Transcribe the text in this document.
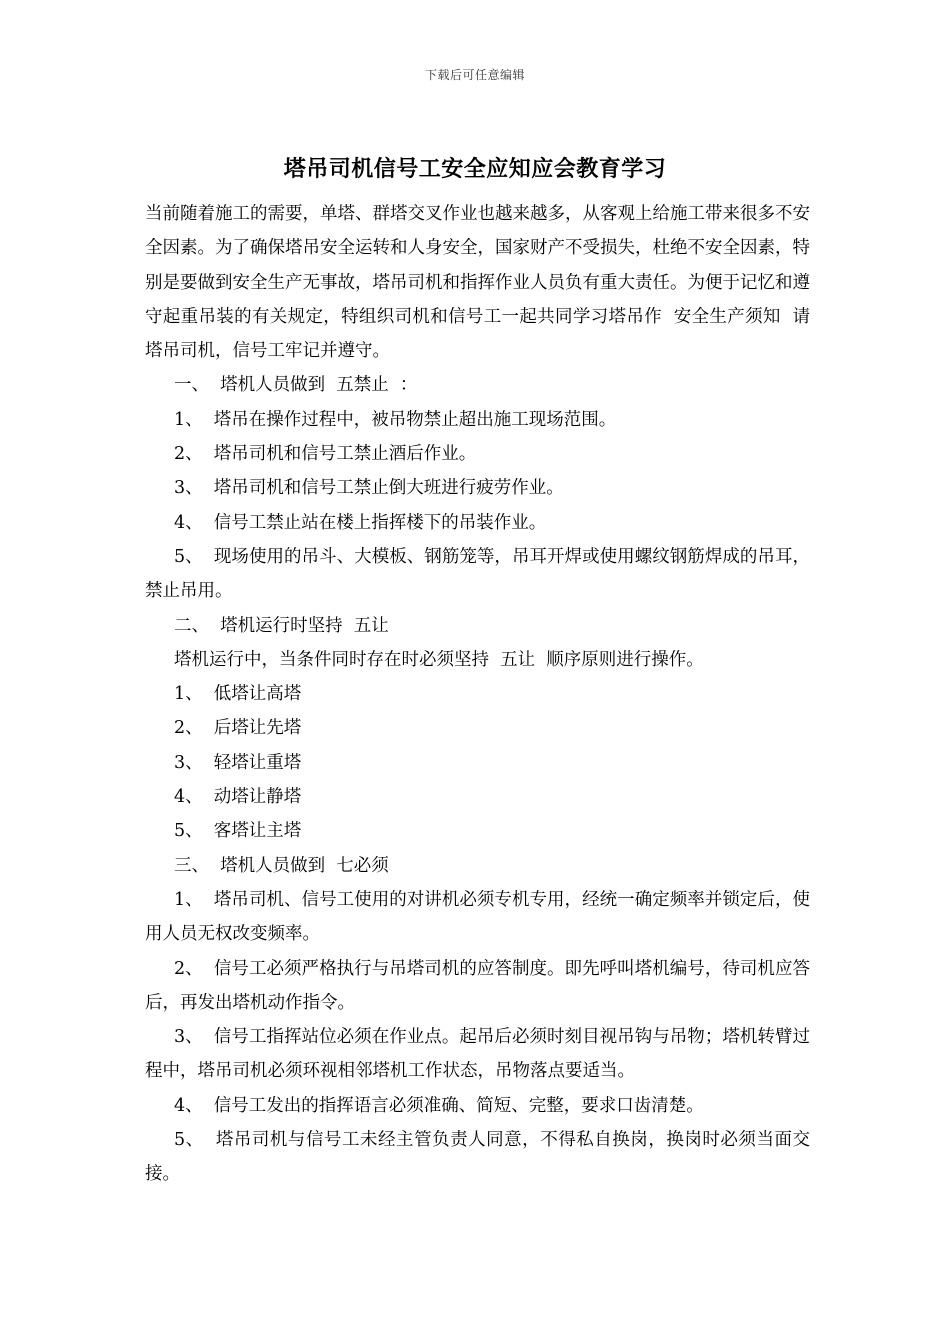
下载后可任意编辑
塔吊司机信号工安全应知应会教育学习

当前随着施工的需要，单塔、群塔交叉作业也越来越多，从客观上给施工带来很多不安全因素。为了确保塔吊安全运转和人身安全，国家财产不受损失，杜绝不安全因素，特别是要做到安全生产无事故，塔吊司机和指挥作业人员负有重大责任。为便于记忆和遵守起重吊装的有关规定，特组织司机和信号工一起共同学习塔吊作  安全生产须知  请塔吊司机，信号工牢记并遵守。

一、  塔机人员做到  五禁止  ：

1、  塔吊在操作过程中，被吊物禁止超出施工现场范围。

2、  塔吊司机和信号工禁止酒后作业。

3、  塔吊司机和信号工禁止倒大班进行疲劳作业。

4、  信号工禁止站在楼上指挥楼下的吊装作业。

5、  现场使用的吊斗、大模板、钢筋笼等，吊耳开焊或使用螺纹钢筋焊成的吊耳，禁止吊用。

二、  塔机运行时坚持  五让

塔机运行中，当条件同时存在时必须坚持  五让  顺序原则进行操作。

1、  低塔让高塔

2、  后塔让先塔

3、  轻塔让重塔

4、  动塔让静塔

5、  客塔让主塔

三、  塔机人员做到  七必须

1、  塔吊司机、信号工使用的对讲机必须专机专用，经统一确定频率并锁定后，使用人员无权改变频率。

2、  信号工必须严格执行与吊塔司机的应答制度。即先呼叫塔机编号，待司机应答后，再发出塔机动作指令。

3、  信号工指挥站位必须在作业点。起吊后必须时刻目视吊钩与吊物；塔机转臂过程中，塔吊司机必须环视相邻塔机工作状态，吊物落点要适当。

4、  信号工发出的指挥语言必须准确、简短、完整，要求口齿清楚。

5、  塔吊司机与信号工未经主管负责人同意，不得私自换岗，换岗时必须当面交接。
